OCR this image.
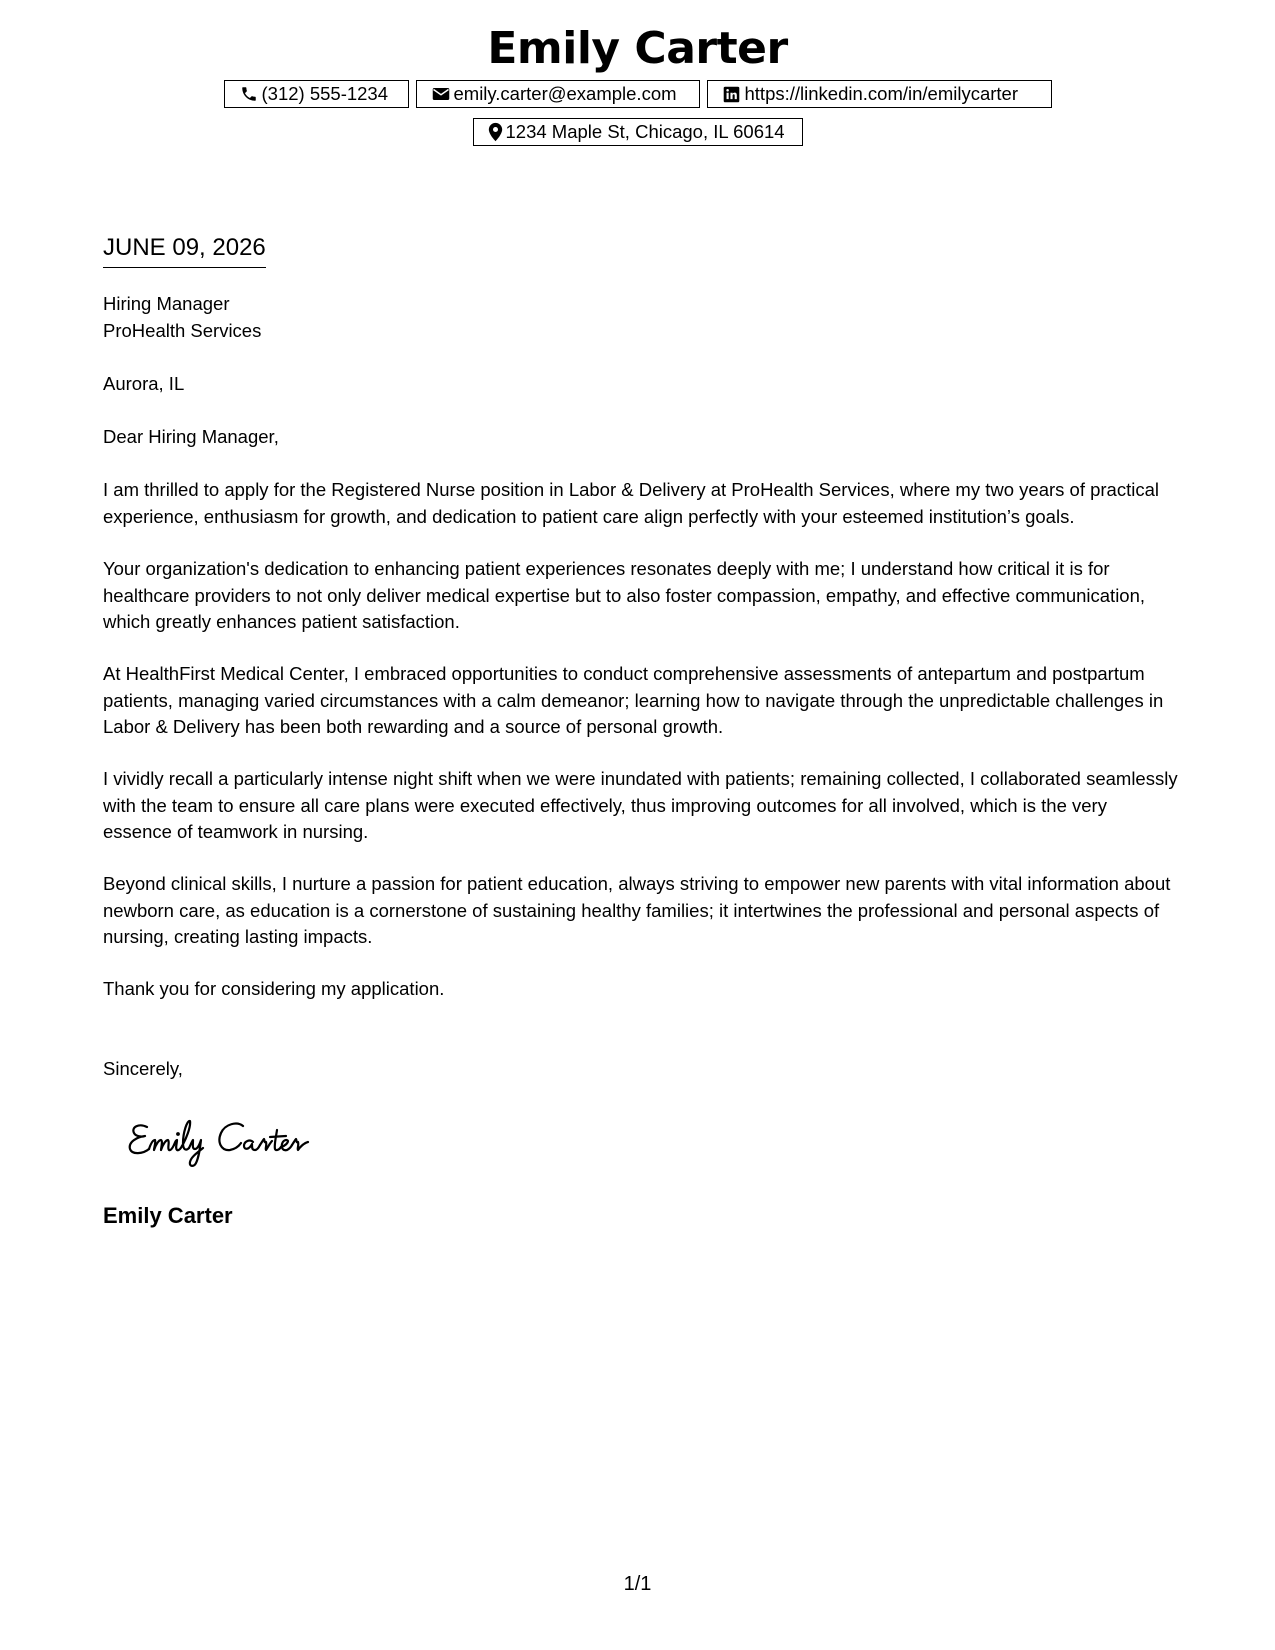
Emily Carter
(312) 555-1234	emily.carter@example.com	https://linkedin.com/in/emilycarter
1234 Maple St, Chicago, IL 60614
JUNE 09, 2026

Hiring Manager

ProHealth Services

Aurora, IL
Dear Hiring Manager,
I am thrilled to apply for the Registered Nurse position in Labor & Delivery at ProHealth Services, where my two years of practical experience, enthusiasm for growth, and dedication to patient care align perfectly with your esteemed institution’s goals.
Your organization's dedication to enhancing patient experiences resonates deeply with me; I understand how critical it is for healthcare providers to not only deliver medical expertise but to also foster compassion, empathy, and effective communication, which greatly enhances patient satisfaction.
At HealthFirst Medical Center, I embraced opportunities to conduct comprehensive assessments of antepartum and postpartum patients, managing varied circumstances with a calm demeanor; learning how to navigate through the unpredictable challenges in Labor & Delivery has been both rewarding and a source of personal growth.
I vividly recall a particularly intense night shift when we were inundated with patients; remaining collected, I collaborated seamlessly with the team to ensure all care plans were executed effectively, thus improving outcomes for all involved, which is the very essence of teamwork in nursing.
Beyond clinical skills, I nurture a passion for patient education, always striving to empower new parents with vital information about newborn care, as education is a cornerstone of sustaining healthy families; it intertwines the professional and personal aspects of nursing, creating lasting impacts.
Thank you for considering my application.
Sincerely,
Emily Carter
1/1
